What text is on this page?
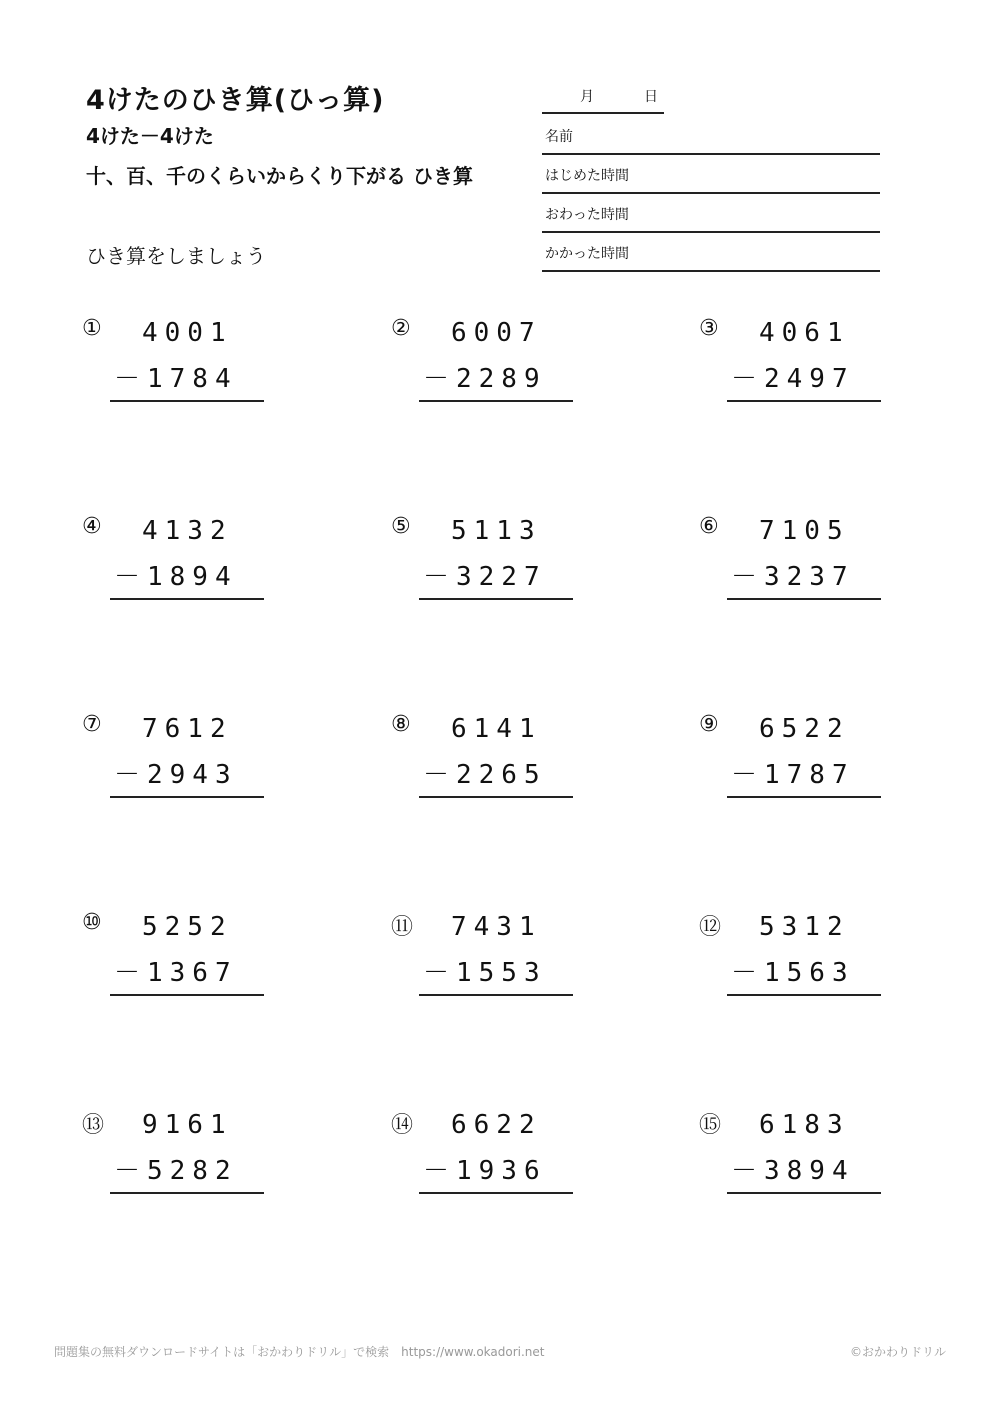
4けたのひき算(ひっ算)
4けた－4けた
十、百、千のくらいからくり下がる ひき算
ひき算をしましょう
月	日
名前
はじめた時間
おわった時間
かかった時間
① 4001
－1784
② 6007
－2289
③ 4061
－2497
④ 4132
－1894
⑤ 5113
－3227
⑥ 7105
－3237
⑦ 7612
－2943
⑧ 6141
－2265
⑨ 6522
－1787
⑩ 5252
－1367
⑪ 7431
－1553
⑫ 5312
－1563
⑬ 9161
－5282
⑭ 6622
－1936
⑮ 6183
－3894
問題集の無料ダウンロードサイトは「おかわりドリル」で検索　https://www.okadori.net	©おかわりドリル
